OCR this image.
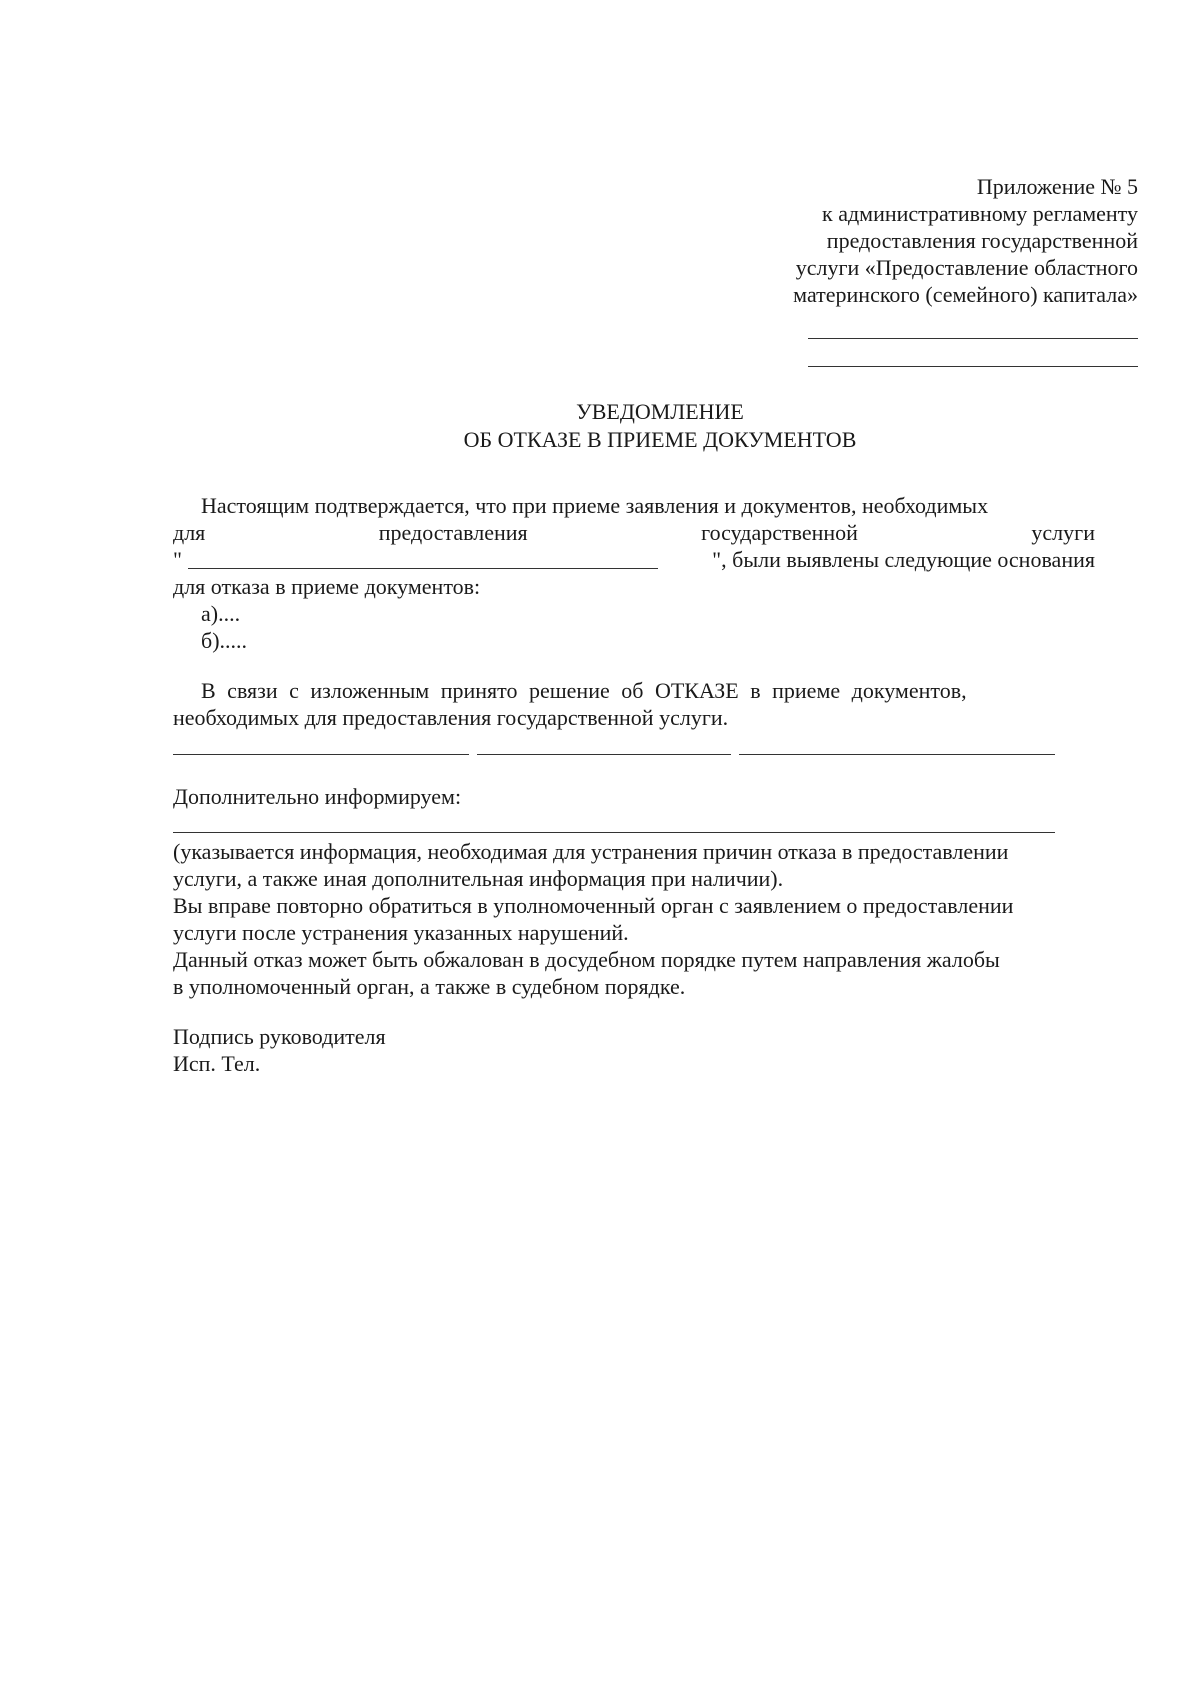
Приложение № 5
к административному регламенту
предоставления государственной
услуги «Предоставление областного
материнского (семейного) капитала»
УВЕДОМЛЕНИЕ
ОБ ОТКАЗЕ В ПРИЕМЕ ДОКУМЕНТОВ
Настоящим подтверждается, что при приеме заявления и документов, необходимых
для	предоставления	государственной	услуги
"	", были выявлены следующие основания
для отказа в приеме документов:
а)....
б).....
В связи с изложенным принято решение об ОТКАЗЕ в приеме документов,
необходимых для предоставления государственной услуги.
Дополнительно информируем:
(указывается информация, необходимая для устранения причин отказа в предоставлении
услуги, а также иная дополнительная информация при наличии).
Вы вправе повторно обратиться в уполномоченный орган с заявлением о предоставлении
услуги после устранения указанных нарушений.
Данный отказ может быть обжалован в досудебном порядке путем направления жалобы
в уполномоченный орган, а также в судебном порядке.
Подпись руководителя
Исп. Тел.
